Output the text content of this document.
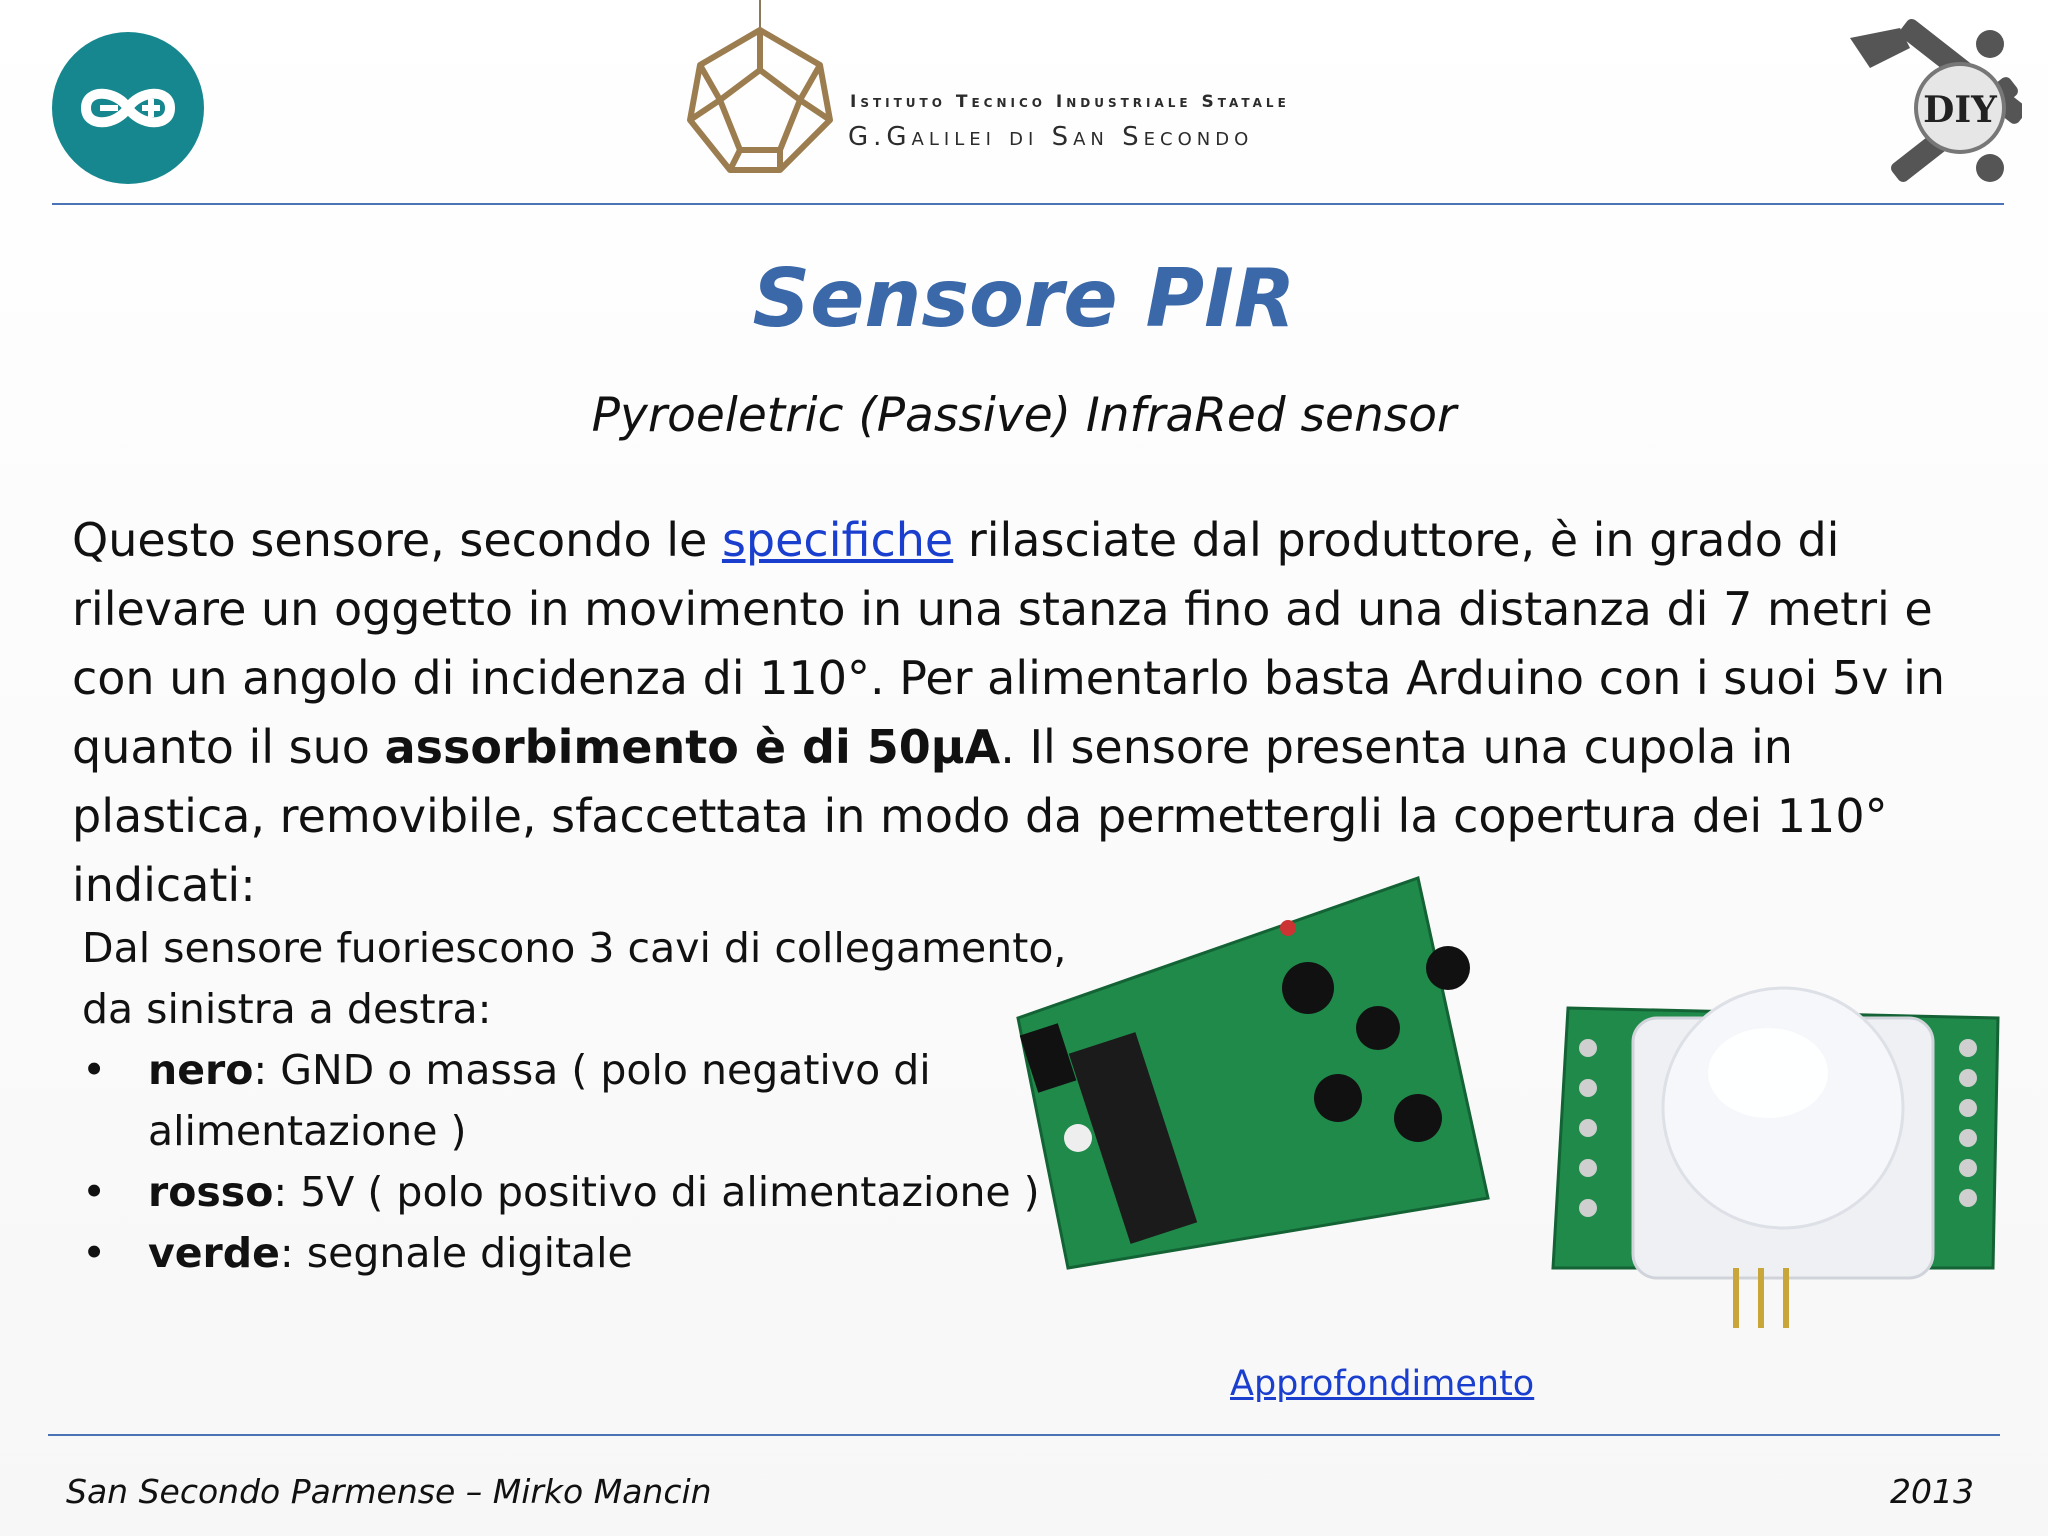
Istituto Tecnico Industriale Statale
G.Galilei di San Secondo
DIY
Sensore PIR
Pyroeletric (Passive) InfraRed sensor
Questo sensore, secondo le specifiche rilasciate dal produttore, è in grado di rilevare un oggetto in movimento in una stanza fino ad una distanza di 7 metri e con un angolo di incidenza di 110°. Per alimentarlo basta Arduino con i suoi 5v in quanto il suo assorbimento è di 50µA. Il sensore presenta una cupola in plastica, removibile, sfaccettata in modo da permettergli la copertura dei 110° indicati:
Dal sensore fuoriescono 3 cavi di collegamento, da sinistra a destra:
• nero: GND o massa ( polo negativo di alimentazione )
• rosso: 5V ( polo positivo di alimentazione )
• verde: segnale digitale
Approfondimento
San Secondo Parmense – Mirko Mancin	2013
